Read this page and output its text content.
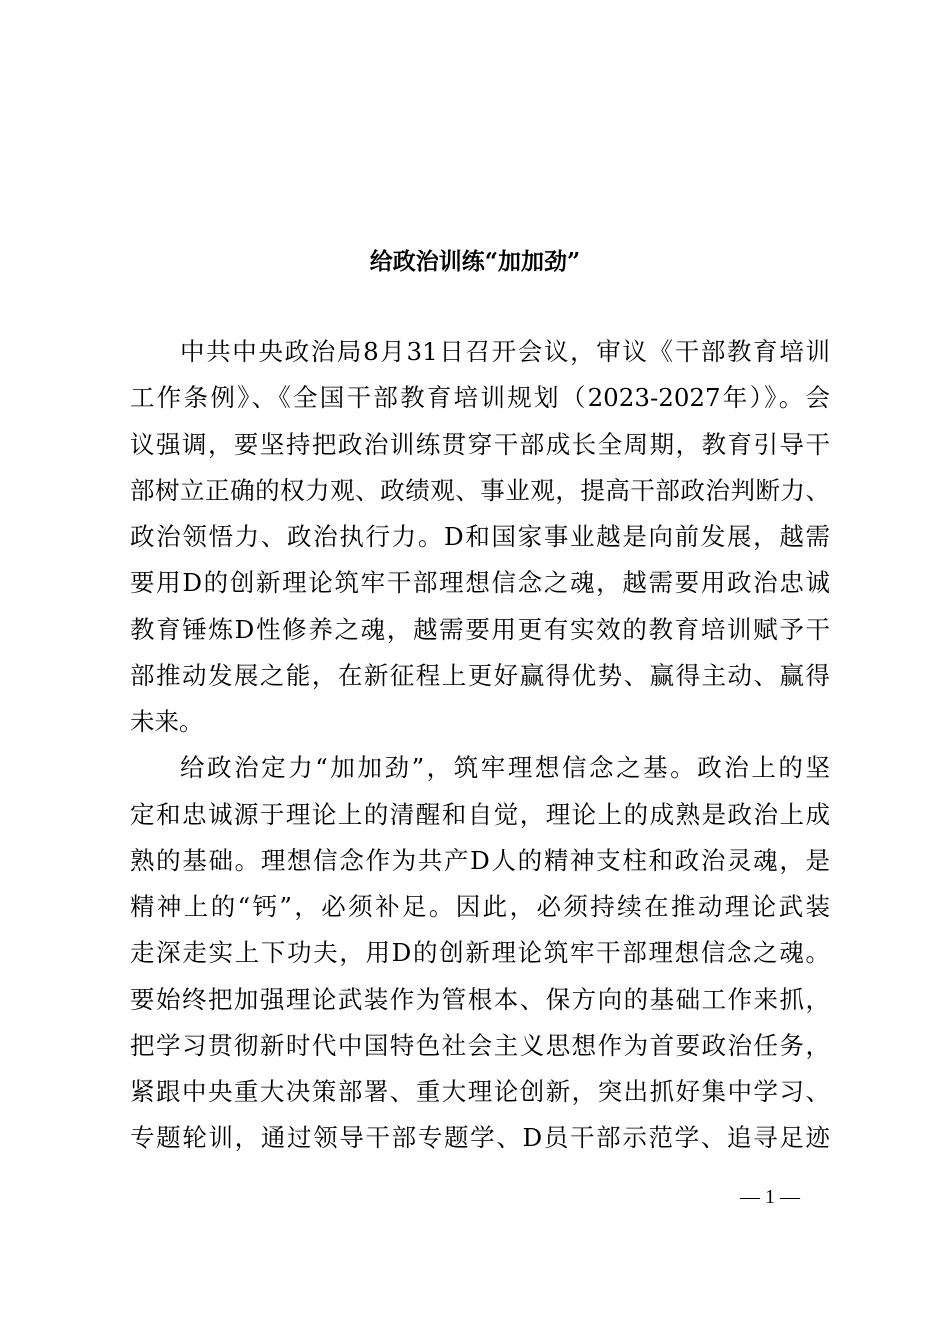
给政治训练“加加劲”
中共中央政治局8月31日召开会议，审议《干部教育培训
工作条例》、《全国干部教育培训规划（2023-2027年）》。会
议强调，要坚持把政治训练贯穿干部成长全周期，教育引导干
部树立正确的权力观、政绩观、事业观，提高干部政治判断力、
政治领悟力、政治执行力。D和国家事业越是向前发展，越需
要用D的创新理论筑牢干部理想信念之魂，越需要用政治忠诚
教育锤炼D性修养之魂，越需要用更有实效的教育培训赋予干
部推动发展之能，在新征程上更好赢得优势、赢得主动、赢得
未来。
给政治定力“加加劲”，筑牢理想信念之基。政治上的坚
定和忠诚源于理论上的清醒和自觉，理论上的成熟是政治上成
熟的基础。理想信念作为共产D人的精神支柱和政治灵魂，是
精神上的“钙”，必须补足。因此，必须持续在推动理论武装
走深走实上下功夫，用D的创新理论筑牢干部理想信念之魂。
要始终把加强理论武装作为管根本、保方向的基础工作来抓，
把学习贯彻新时代中国特色社会主义思想作为首要政治任务，
紧跟中央重大决策部署、重大理论创新，突出抓好集中学习、
专题轮训，通过领导干部专题学、D员干部示范学、追寻足迹
— 1 —
